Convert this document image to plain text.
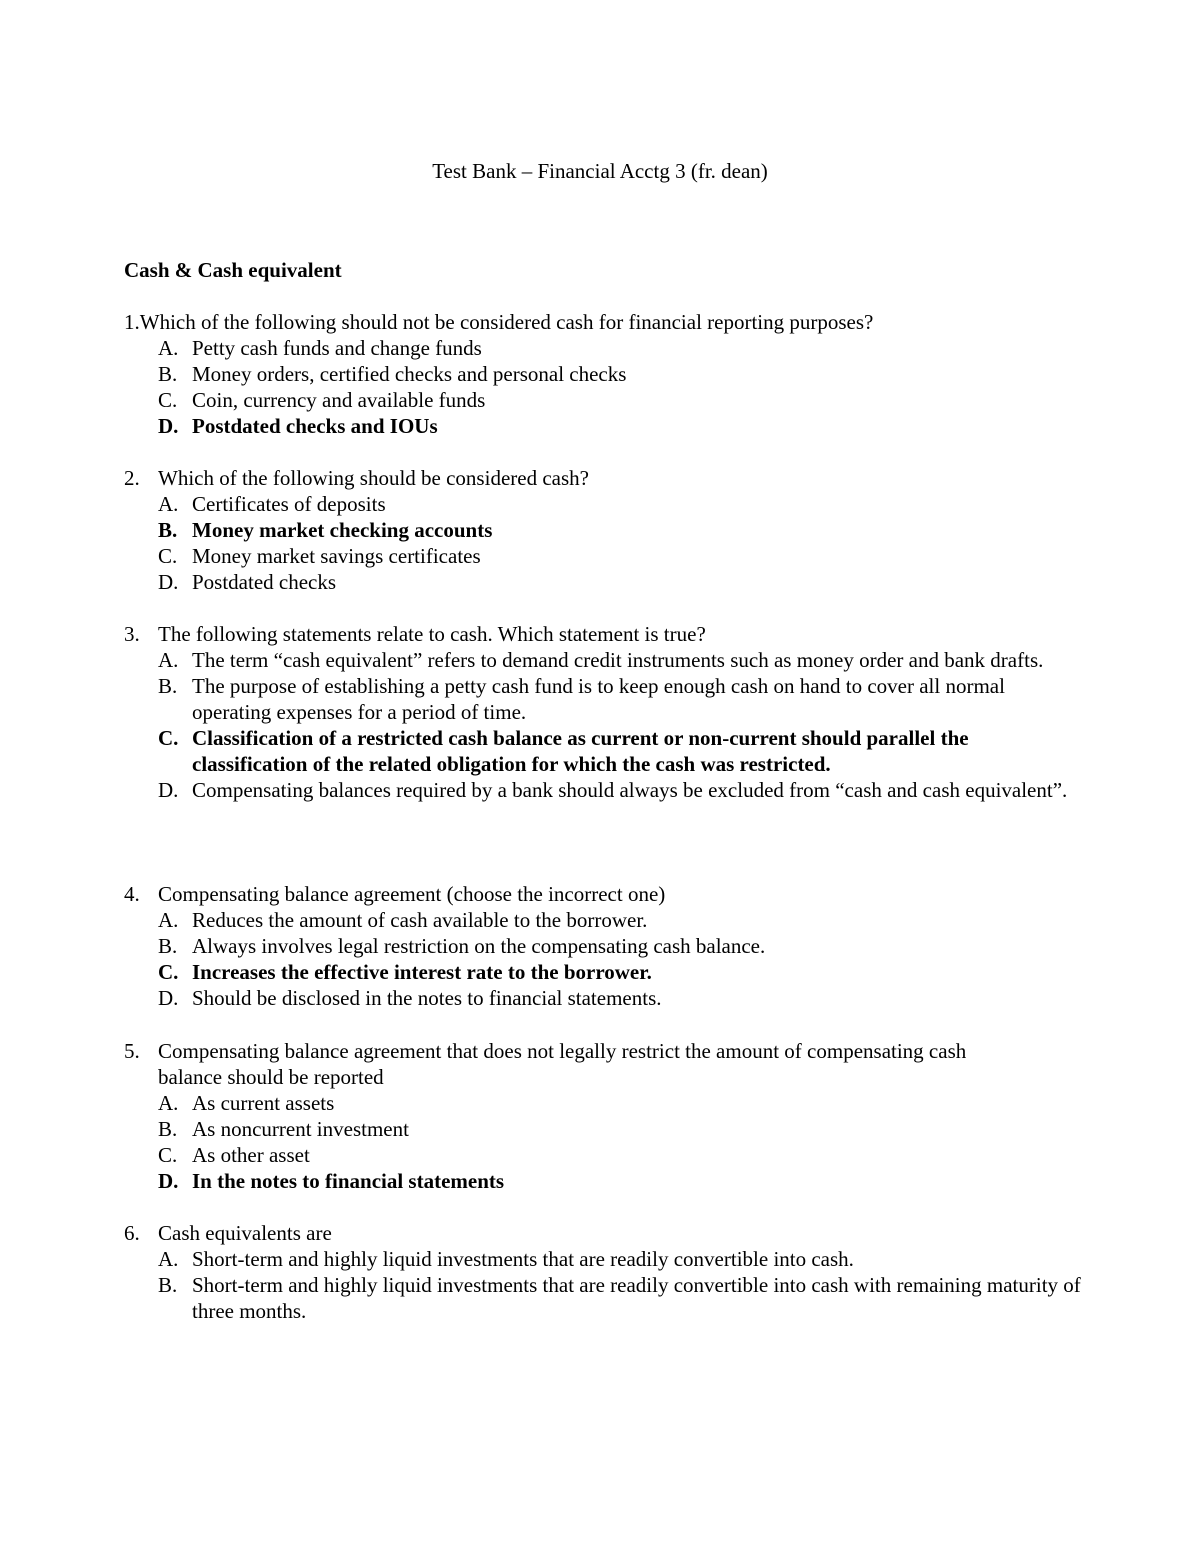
Test Bank – Financial Acctg 3 (fr. dean)
Cash & Cash equivalent
1. Which of the following should not be considered cash for financial reporting purposes?
A. Petty cash funds and change funds
B. Money orders, certified checks and personal checks
C. Coin, currency and available funds
D. Postdated checks and IOUs
2. Which of the following should be considered cash?
A. Certificates of deposits
B. Money market checking accounts
C. Money market savings certificates
D. Postdated checks
3. The following statements relate to cash. Which statement is true?
A. The term “cash equivalent” refers to demand credit instruments such as money order and bank drafts.
B. The purpose of establishing a petty cash fund is to keep enough cash on hand to cover all normal operating expenses for a period of time.
C. Classification of a restricted cash balance as current or non-current should parallel the classification of the related obligation for which the cash was restricted.
D. Compensating balances required by a bank should always be excluded from “cash and cash equivalent”.
4. Compensating balance agreement (choose the incorrect one)
A. Reduces the amount of cash available to the borrower.
B. Always involves legal restriction on the compensating cash balance.
C. Increases the effective interest rate to the borrower.
D. Should be disclosed in the notes to financial statements.
5. Compensating balance agreement that does not legally restrict the amount of compensating cash balance should be reported
A. As current assets
B. As noncurrent investment
C. As other asset
D. In the notes to financial statements
6. Cash equivalents are
A. Short-term and highly liquid investments that are readily convertible into cash.
B. Short-term and highly liquid investments that are readily convertible into cash with remaining maturity of three months.
